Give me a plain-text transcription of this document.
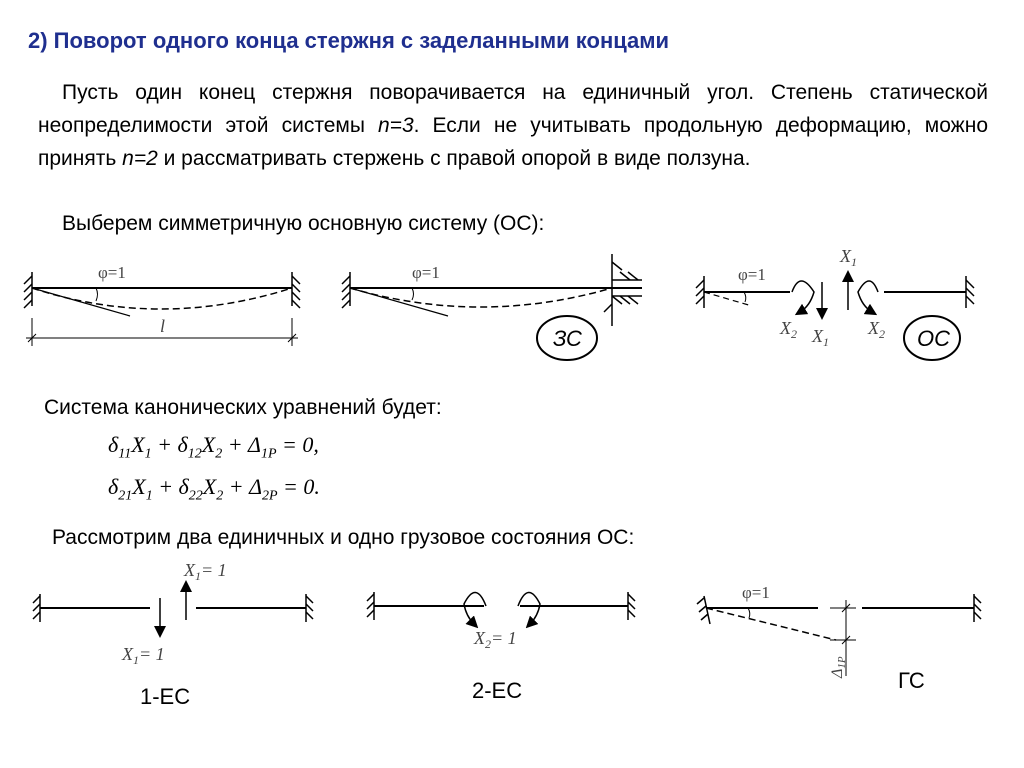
2) Поворот одного конца стержня с заделанными концами

Пусть один конец стержня поворачивается на единичный угол. Степень статической неопределимости этой системы n=3. Если не учитывать продольную деформацию, можно принять n=2 и рассматривать стержень с правой опорой в виде ползуна.

Выберем симметричную основную систему (ОС):
φ=1
l
φ=1
ЗС
φ=1
$X_1$
$X_2$ $X_1$
$X_2$ ОС
$X_1= 1$
$X_1= 1$
$X_2= 1$
φ=1
Δ1P
Система канонических уравнений будет:
$\delta_{11}X_1 + \delta_{12}X_2 + \Delta_{1P} = 0$,
$\delta_{21}X_1 + \delta_{22}X_2 + \Delta_{2P} = 0$.
Рассмотрим два единичных и одно грузовое состояния ОС:
1-ЕС	2-ЕС	ГС
